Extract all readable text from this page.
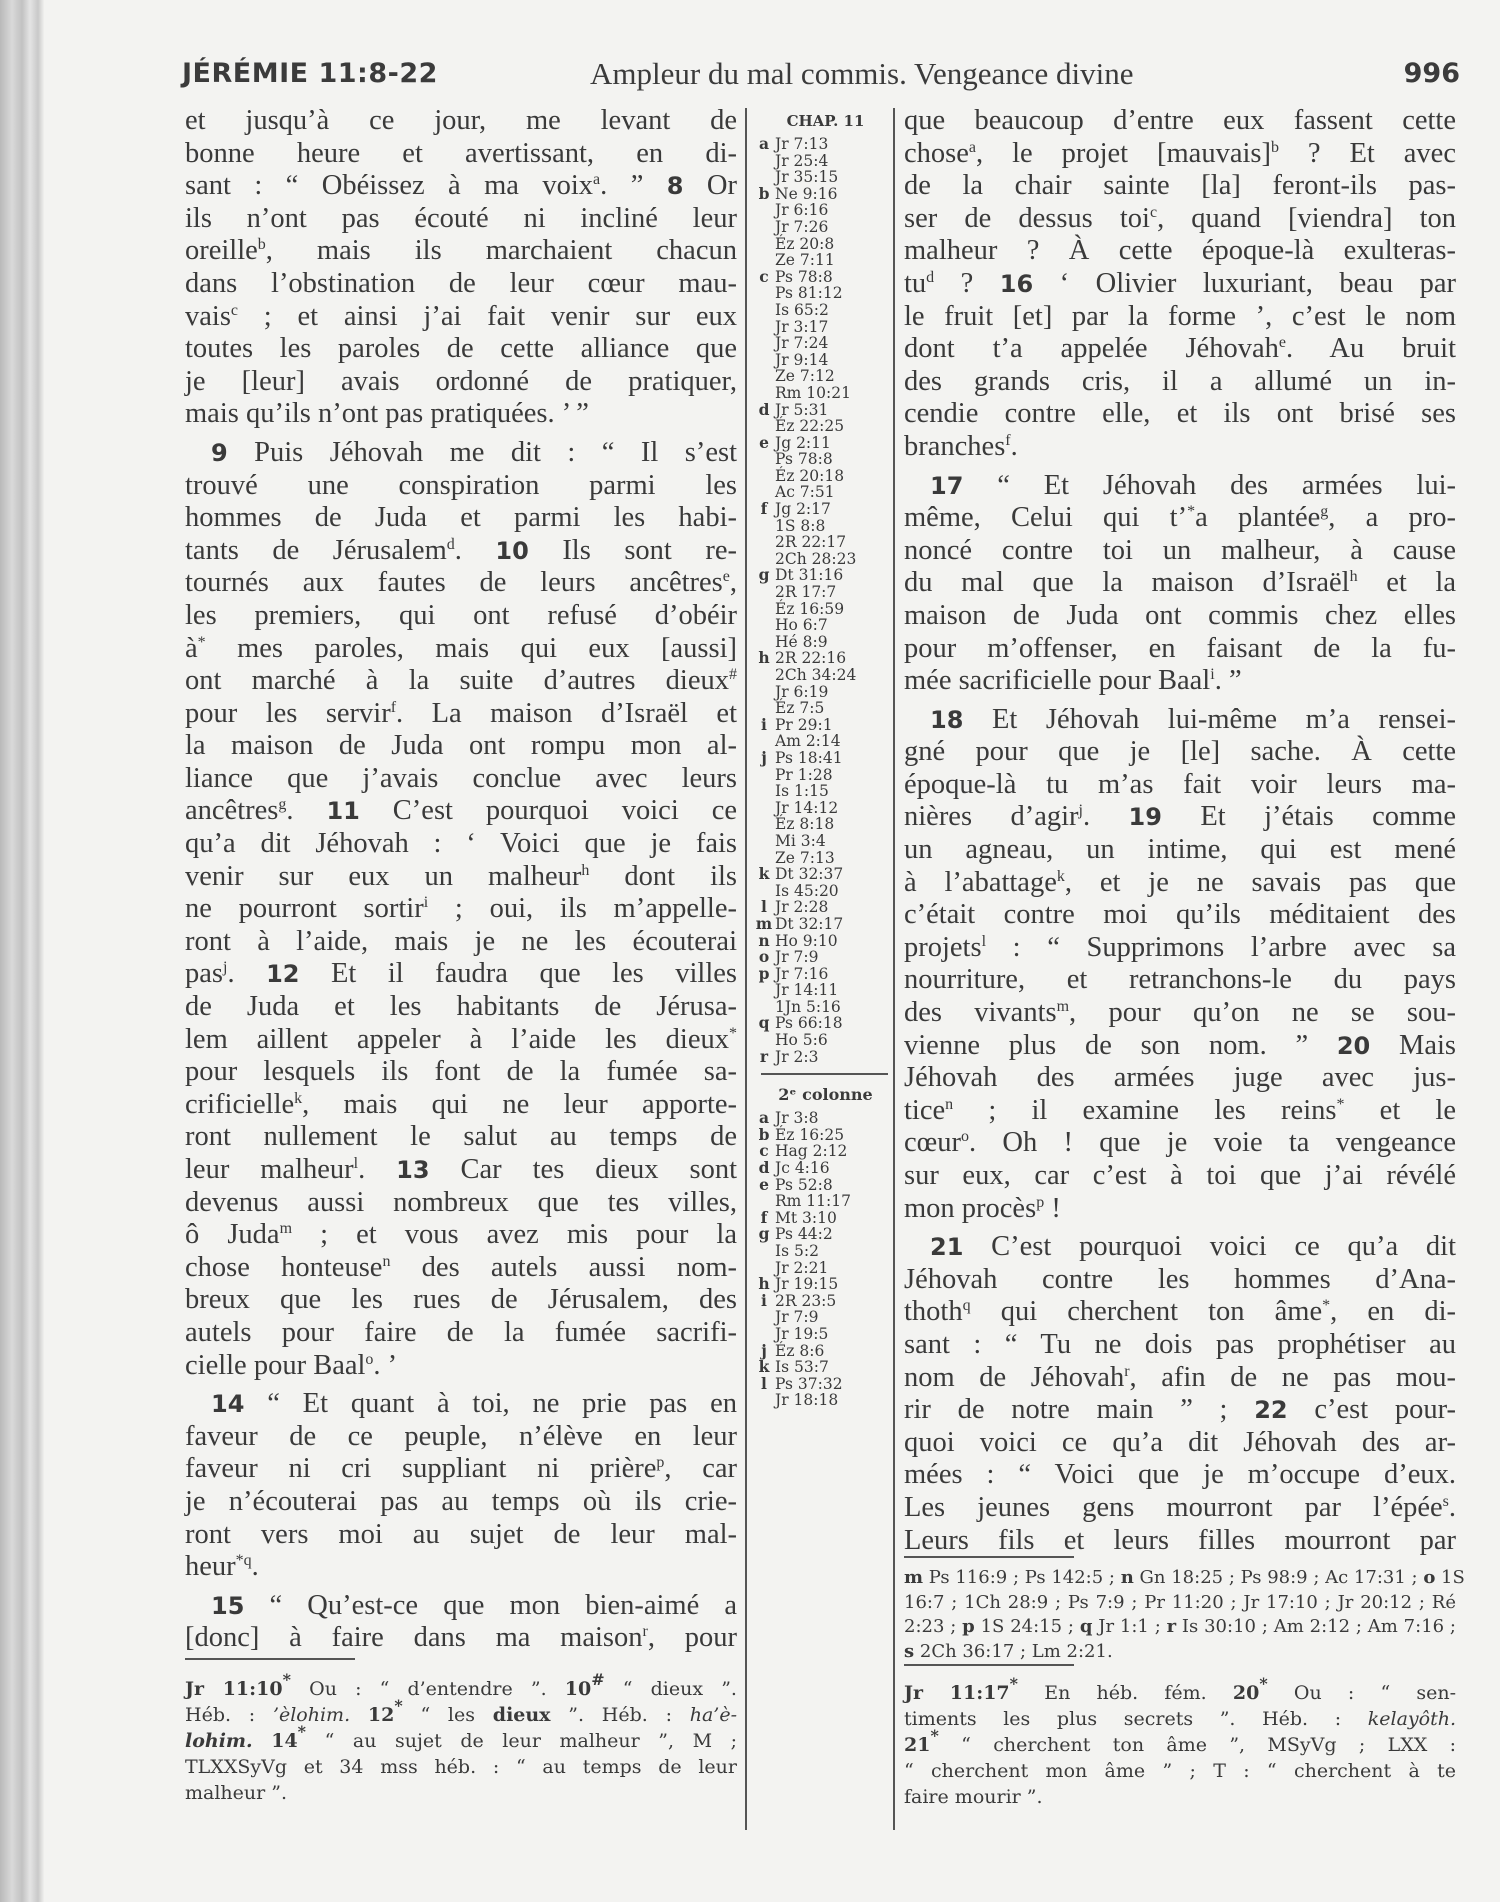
JÉRÉMIE 11:8-22	Ampleur du mal commis. Vengeance divine	996
et jusqu’à ce jour, me levant de
bonne heure et avertissant, en di-
sant : “ Obéissez à ma voix$^a$. ” 8 Or
ils n’ont pas écouté ni incliné leur
oreille$^b$, mais ils marchaient chacun
dans l’obstination de leur cœur mau-
vais$^c$ ; et ainsi j’ai fait venir sur eux
toutes les paroles de cette alliance que
je [leur] avais ordonné de pratiquer,
mais qu’ils n’ont pas pratiquées. ’ ”
9 Puis Jéhovah me dit : “ Il s’est
trouvé une conspiration parmi les
hommes de Juda et parmi les habi-
tants de Jérusalem$^d$. 10 Ils sont re-
tournés aux fautes de leurs ancêtres$^e$,
les premiers, qui ont refusé d’obéir
à* mes paroles, mais qui eux [aussi]
ont marché à la suite d’autres dieux#
pour les servir$^f$. La maison d’Israël et
la maison de Juda ont rompu mon al-
liance que j’avais conclue avec leurs
ancêtres$^g$. 11 C’est pourquoi voici ce
qu’a dit Jéhovah : ‘ Voici que je fais
venir sur eux un malheur$^h$ dont ils
ne pourront sortir$^i$ ; oui, ils m’appelle-
ront à l’aide, mais je ne les écouterai
pas$^j$. 12 Et il faudra que les villes
de Juda et les habitants de Jérusa-
lem aillent appeler à l’aide les dieux*
pour lesquels ils font de la fumée sa-
crificielle$^k$, mais qui ne leur apporte-
ront nullement le salut au temps de
leur malheur$^l$. 13 Car tes dieux sont
devenus aussi nombreux que tes villes,
ô Juda$^m$ ; et vous avez mis pour la
chose honteuse$^n$ des autels aussi nom-
breux que les rues de Jérusalem, des
autels pour faire de la fumée sacrifi-
cielle pour Baal$^o$. ’
14 “ Et quant à toi, ne prie pas en
faveur de ce peuple, n’élève en leur
faveur ni cri suppliant ni prière$^p$, car
je n’écouterai pas au temps où ils crie-
ront vers moi au sujet de leur mal-
heur$^{*q}$.
15 “ Qu’est-ce que mon bien-aimé a
[donc] à faire dans ma maison$^r$, pour
que beaucoup d’entre eux fassent cette
chose$^a$, le projet [mauvais]$^b$ ? Et avec
de la chair sainte [la] feront-ils pas-
ser de dessus toi$^c$, quand [viendra] ton
malheur ? À cette époque-là exulteras-
$tu^d$ ? 16 ‘ Olivier luxuriant, beau par
le fruit [et] par la forme ’, c’est le nom
dont t’a appelée Jéhovah$^e$. Au bruit
des grands cris, il a allumé un in-
cendie contre elle, et ils ont brisé ses
branches$^f$.
17 “ Et Jéhovah des armées lui-
même, Celui qui t’*a plantée$^g$, a pro-
noncé contre toi un malheur, à cause
du mal que la maison d’Israël$^h$ et la
maison de Juda ont commis chez elles
pour m’offenser, en faisant de la fu-
mée sacrificielle pour Baal$^i$. ”
18 Et Jéhovah lui-même m’a rensei-
gné pour que je [le] sache. À cette
époque-là tu m’as fait voir leurs ma-
nières d’agir$^j$. 19 Et j’étais comme
un agneau, un intime, qui est mené
à l’abattage$^k$, et je ne savais pas que
c’était contre moi qu’ils méditaient des
projets$^l$ : “ Supprimons l’arbre avec sa
nourriture, et retranchons-le du pays
des vivants$^m$, pour qu’on ne se sou-
vienne plus de son nom. ” 20 Mais
Jéhovah des armées juge avec jus-
tice$^n$ ; il examine les reins* et le
cœur$^o$. Oh ! que je voie ta vengeance
sur eux, car c’est à toi que j’ai révélé
mon procès$^p$ !
21 C’est pourquoi voici ce qu’a dit
Jéhovah contre les hommes d’Ana-
thoth$^q$ qui cherchent ton âme*, en di-
sant : “ Tu ne dois pas prophétiser au
nom de Jéhovah$^r$, afin de ne pas mou-
rir de notre main ” ; 22 c’est pour-
quoi voici ce qu’a dit Jéhovah des ar-
mées : “ Voici que je m’occupe d’eux.
Les jeunes gens mourront par l’épée$^s$.
Leurs fils et leurs filles mourront par
CHAP. 11
a Jr 7:13
Jr 25:4
Jr 35:15
b Ne 9:16
Jr 6:16
Jr 7:26
Éz 20:8
Ze 7:11
c Ps 78:8
Ps 81:12
Is 65:2
Jr 3:17
Jr 7:24
Jr 9:14
Ze 7:12
Rm 10:21
d Jr 5:31
Éz 22:25
e Jg 2:11
Ps 78:8
Éz 20:18
Ac 7:51
f Jg 2:17
1S 8:8
2R 22:17
2Ch 28:23
g Dt 31:16
2R 17:7
Éz 16:59
Ho 6:7
Hé 8:9
h 2R 22:16
2Ch 34:24
Jr 6:19
Éz 7:5
i Pr 29:1
Am 2:14
j Ps 18:41
Pr 1:28
Is 1:15
Jr 14:12
Éz 8:18
Mi 3:4
Ze 7:13
k Dt 32:37
Is 45:20
l Jr 2:28
m Dt 32:17
n Ho 9:10
o Jr 7:9
p Jr 7:16
Jr 14:11
1Jn 5:16
q Ps 66:18
Ho 5:6
r Jr 2:3
2ᵉ colonne
a Jr 3:8
b Éz 16:25
c Hag 2:12
d Jc 4:16
e Ps 52:8
Rm 11:17
f Mt 3:10
g Ps 44:2
Is 5:2
Jr 2:21
h Jr 19:15
i 2R 23:5
Jr 7:9
Jr 19:5
j Éz 8:6
k Is 53:7
l Ps 37:32
Jr 18:18
Jr 11:10* Ou : “ d’entendre ”. 10# “ dieux ”.
Héb. : ’èlohim. 12* “ les dieux ”. Héb. : ha’è-
lohim. 14* “ au sujet de leur malheur ”, M ;
TLXXSyVg et 34 mss héb. : “ au temps de leur
malheur ”.
m Ps 116:9 ; Ps 142:5 ; n Gn 18:25 ; Ps 98:9 ; Ac 17:31 ; o 1S
16:7 ; 1Ch 28:9 ; Ps 7:9 ; Pr 11:20 ; Jr 17:10 ; Jr 20:12 ; Ré
2:23 ; p 1S 24:15 ; q Jr 1:1 ; r Is 30:10 ; Am 2:12 ; Am 7:16 ;
s 2Ch 36:17 ; Lm 2:21.
Jr 11:17* En héb. fém. 20* Ou : “ sen-
timents les plus secrets ”. Héb. : kelayôth.
21* “ cherchent ton âme ”, MSyVg ; LXX :
“ cherchent mon âme ” ; T : “ cherchent à te
faire mourir ”.
